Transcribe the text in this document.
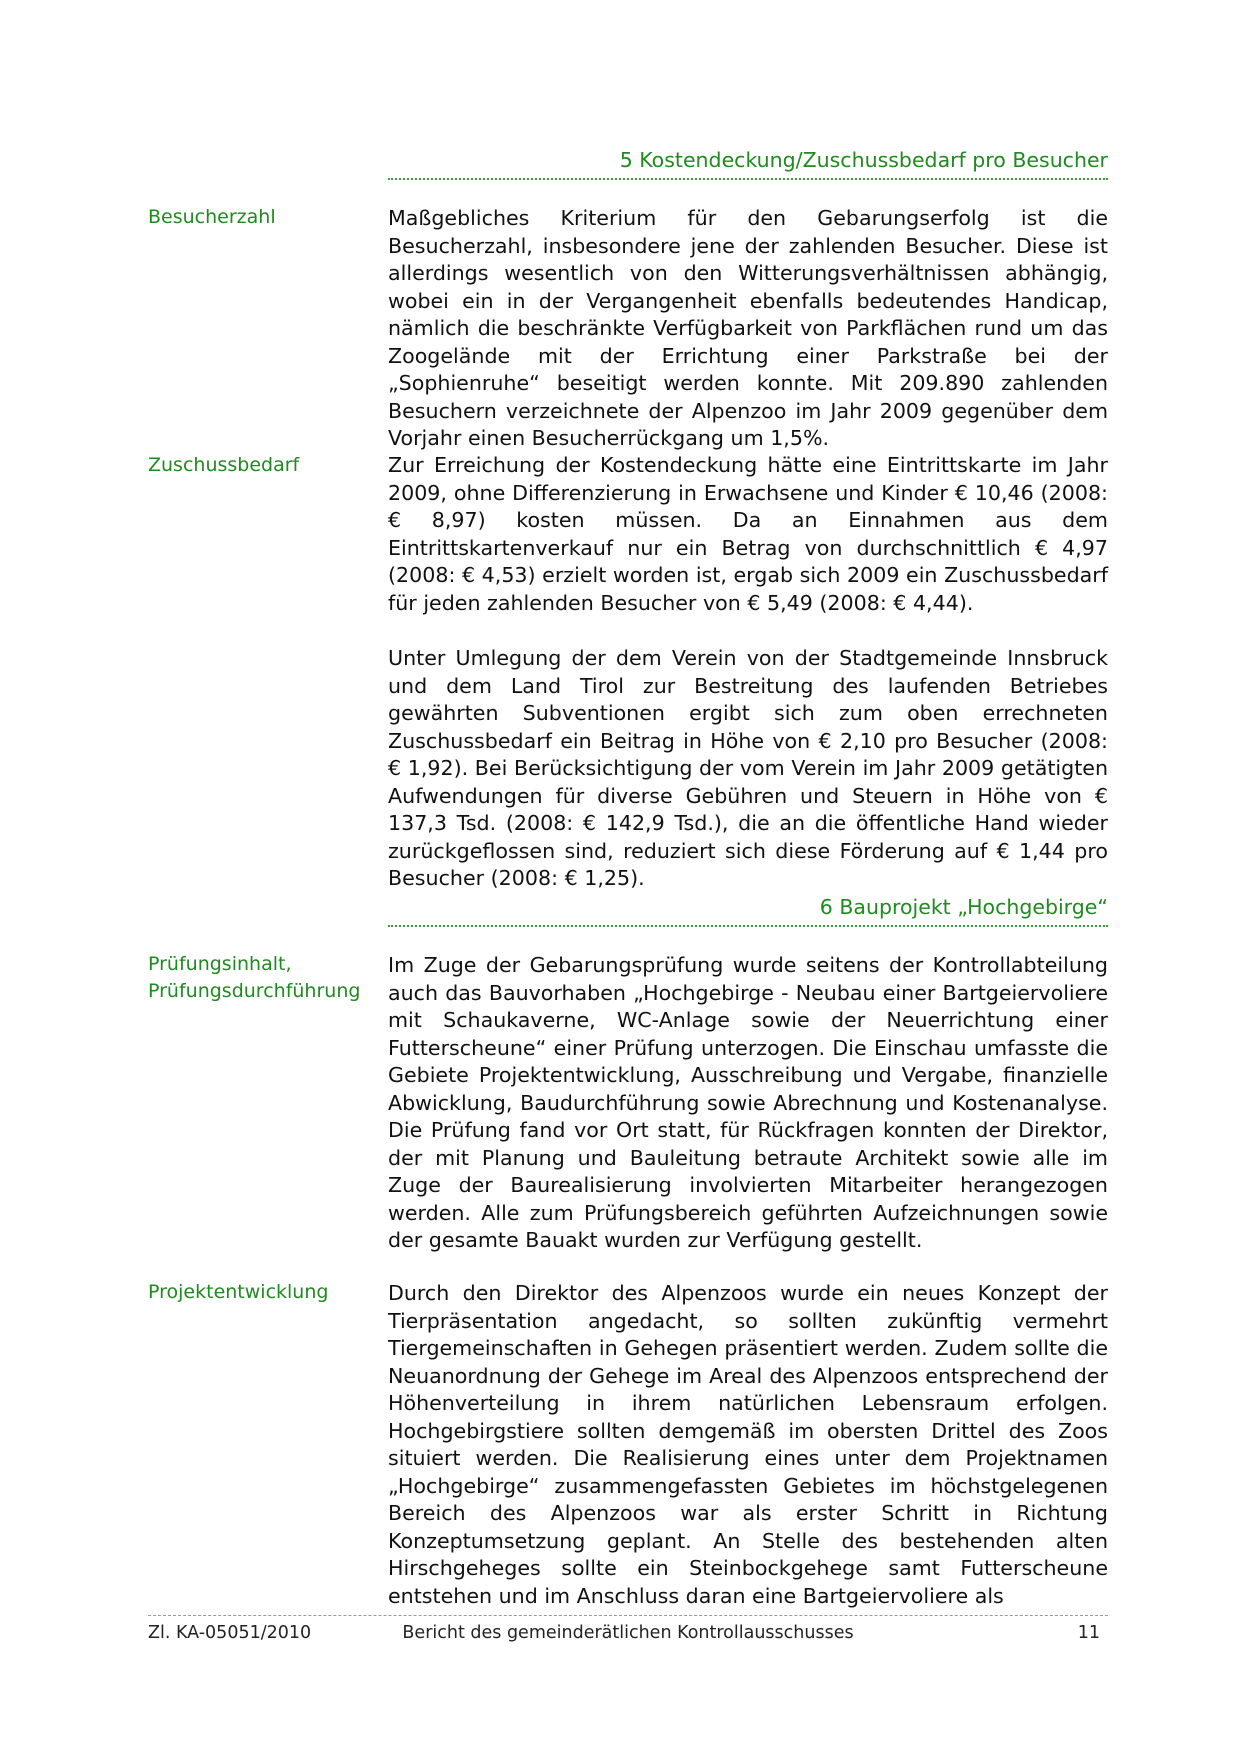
5 Kostendeckung/Zuschussbedarf pro Besucher
Besucherzahl	Maßgebliches Kriterium für den Gebarungserfolg ist die Besucherzahl, insbesondere jene der zahlenden Besucher. Diese ist allerdings wesentlich von den Witterungsverhältnissen abhängig, wobei ein in der Vergangenheit ebenfalls bedeutendes Handicap, nämlich die beschränkte Verfügbarkeit von Parkflächen rund um das Zoogelände mit der Errichtung einer Parkstraße bei der „Sophienruhe“ beseitigt werden konnte. Mit 209.890 zahlenden Besuchern verzeichnete der Alpenzoo im Jahr 2009 gegenüber dem Vorjahr einen Besucherrückgang um 1,5%.

Zuschussbedarf	Zur Erreichung der Kostendeckung hätte eine Eintrittskarte im Jahr 2009, ohne Differenzierung in Erwachsene und Kinder € 10,46 (2008: € 8,97) kosten müssen. Da an Einnahmen aus dem Eintrittskartenverkauf nur ein Betrag von durchschnittlich € 4,97 (2008: € 4,53) erzielt worden ist, ergab sich 2009 ein Zuschussbedarf für jeden zahlenden Besucher von € 5,49 (2008: € 4,44).

Unter Umlegung der dem Verein von der Stadtgemeinde Innsbruck und dem Land Tirol zur Bestreitung des laufenden Betriebes gewährten Subventionen ergibt sich zum oben errechneten Zuschussbedarf ein Beitrag in Höhe von € 2,10 pro Besucher (2008: € 1,92). Bei Berücksichtigung der vom Verein im Jahr 2009 getätigten Aufwendungen für diverse Gebühren und Steuern in Höhe von € 137,3 Tsd. (2008: € 142,9 Tsd.), die an die öffentliche Hand wieder zurückgeflossen sind, reduziert sich diese Förderung auf € 1,44 pro Besucher (2008: € 1,25).

6 Bauprojekt „Hochgebirge“
Prüfungsinhalt, Prüfungsdurchführung

Im Zuge der Gebarungsprüfung wurde seitens der Kontrollabteilung auch das Bauvorhaben „Hochgebirge - Neubau einer Bartgeiervoliere mit Schaukaverne, WC-Anlage sowie der Neuerrichtung einer Futterscheune“ einer Prüfung unterzogen. Die Einschau umfasste die Gebiete Projektentwicklung, Ausschreibung und Vergabe, finanzielle Abwicklung, Baudurchführung sowie Abrechnung und Kostenanalyse. Die Prüfung fand vor Ort statt, für Rückfragen konnten der Direktor, der mit Planung und Bauleitung betraute Architekt sowie alle im Zuge der Baurealisierung involvierten Mitarbeiter herangezogen werden. Alle zum Prüfungsbereich geführten Aufzeichnungen sowie der gesamte Bauakt wurden zur Verfügung gestellt.

Projektentwicklung	Durch den Direktor des Alpenzoos wurde ein neues Konzept der Tierpräsentation angedacht, so sollten zukünftig vermehrt Tiergemeinschaften in Gehegen präsentiert werden. Zudem sollte die Neuanordnung der Gehege im Areal des Alpenzoos entsprechend der Höhenverteilung in ihrem natürlichen Lebensraum erfolgen. Hochgebirgstiere sollten demgemäß im obersten Drittel des Zoos situiert werden. Die Realisierung eines unter dem Projektnamen „Hochgebirge“ zusammengefassten Gebietes im höchstgelegenen Bereich des Alpenzoos war als erster Schritt in Richtung Konzeptumsetzung geplant. An Stelle des bestehenden alten Hirschgeheges sollte ein Steinbockgehege samt Futterscheune entstehen und im Anschluss daran eine Bartgeiervoliere als

Zl. KA-05051/2010	Bericht des gemeinderätlichen Kontrollausschusses	11
